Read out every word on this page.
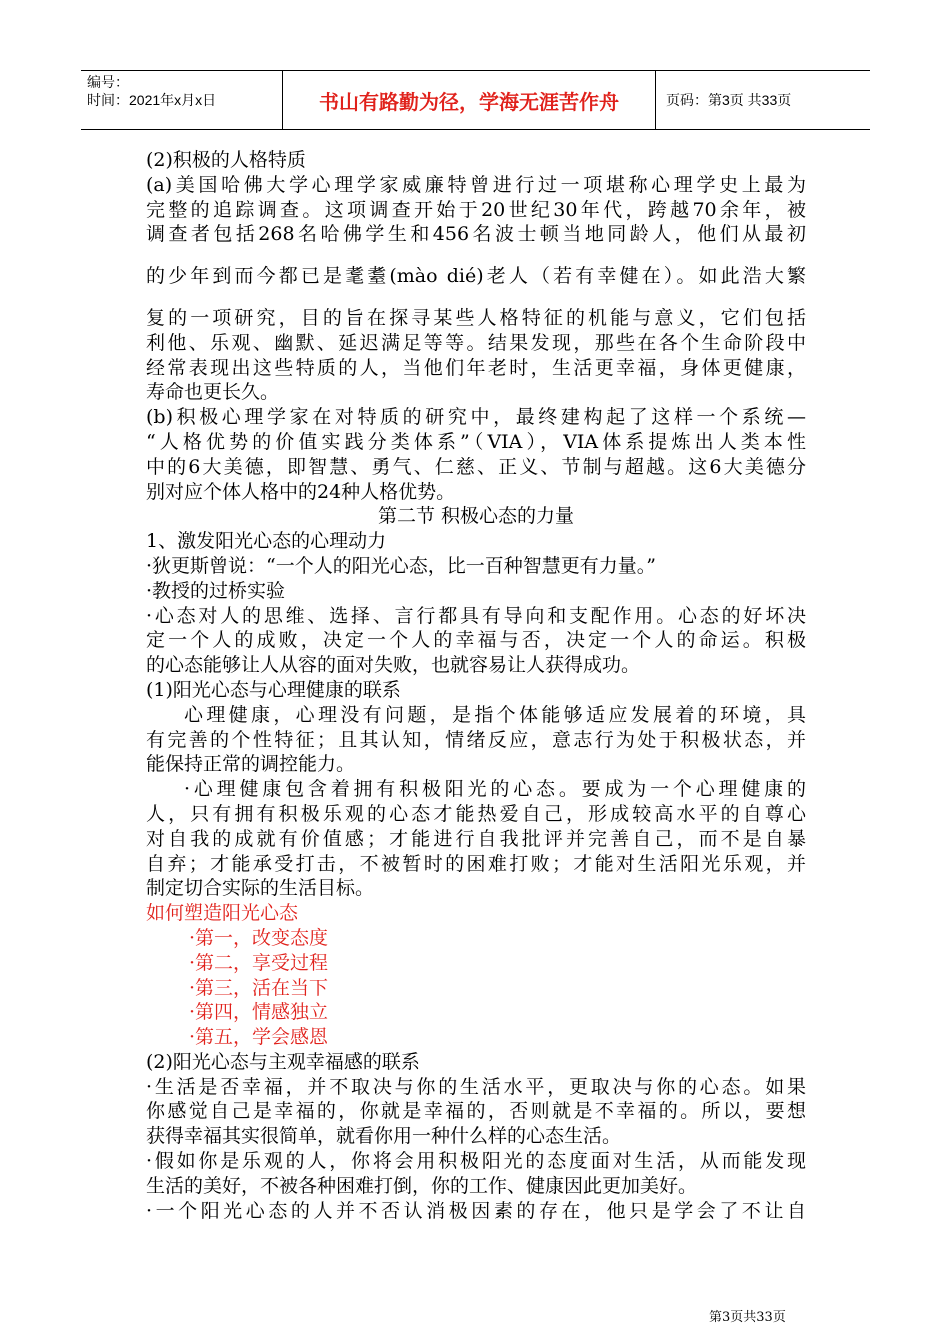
编号：
时间：2021年x月x日	书山有路勤为径，学海无涯苦作舟	页码：第3页 共33页
(2)积极的人格特质
(a)美国哈佛大学心理学家威廉特曾进行过一项堪称心理学史上最为
完整的追踪调查。这项调查开始于20世纪30年代，跨越70余年，被
调查者包括268名哈佛学生和456名波士顿当地同龄人，他们从最初
的少年到而今都已是耄耋(mào dié)老人（若有幸健在）。如此浩大繁
复的一项研究，目的旨在探寻某些人格特征的机能与意义，它们包括
利他、乐观、幽默、延迟满足等等。结果发现，那些在各个生命阶段中
经常表现出这些特质的人，当他们年老时，生活更幸福，身体更健康，
寿命也更长久。
(b)积极心理学家在对特质的研究中，最终建构起了这样一个系统—
“人格优势的价值实践分类体系”（VIA），VIA体系提炼出人类本性
中的6大美德，即智慧、勇气、仁慈、正义、节制与超越。这6大美德分
别对应个体人格中的24种人格优势。
第二节 积极心态的力量
1、激发阳光心态的心理动力
·狄更斯曾说：“一个人的阳光心态，比一百种智慧更有力量。”
·教授的过桥实验
·心态对人的思维、选择、言行都具有导向和支配作用。心态的好坏决
定一个人的成败，决定一个人的幸福与否，决定一个人的命运。积极
的心态能够让人从容的面对失败，也就容易让人获得成功。
(1)阳光心态与心理健康的联系
心理健康，心理没有问题，是指个体能够适应发展着的环境，具
有完善的个性特征；且其认知，情绪反应，意志行为处于积极状态，并
能保持正常的调控能力。
·心理健康包含着拥有积极阳光的心态。要成为一个心理健康的
人，只有拥有积极乐观的心态才能热爱自己，形成较高水平的自尊心
对自我的成就有价值感；才能进行自我批评并完善自己，而不是自暴
自弃；才能承受打击，不被暂时的困难打败；才能对生活阳光乐观，并
制定切合实际的生活目标。
如何塑造阳光心态
·第一，改变态度
·第二，享受过程
·第三，活在当下
·第四，情感独立
·第五，学会感恩
(2)阳光心态与主观幸福感的联系
·生活是否幸福，并不取决与你的生活水平，更取决与你的心态。如果
你感觉自己是幸福的，你就是幸福的，否则就是不幸福的。所以，要想
获得幸福其实很简单，就看你用一种什么样的心态生活。
·假如你是乐观的人，你将会用积极阳光的态度面对生活，从而能发现
生活的美好，不被各种困难打倒，你的工作、健康因此更加美好。
·一个阳光心态的人并不否认消极因素的存在，他只是学会了不让自
第3页共33页
